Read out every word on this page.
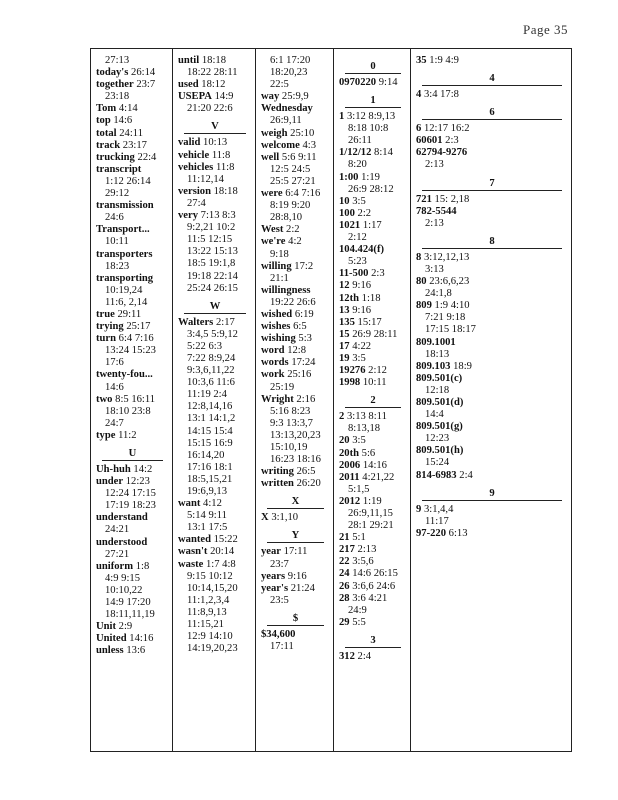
Page 35
27:13
today's 26:14
together 23:7
23:18
Tom 4:14
top 14:6
total 24:11
track 23:17
trucking 22:4
transcript
1:12 26:14
29:12
transmission
24:6
Transport...
10:11
transporters
18:23
transporting
10:19,24
11:6, 2,14
true 29:11
trying 25:17
turn 6:4 7:16
13:24 15:23
17:6
twenty-fou...
14:6
two 8:5 16:11
18:10 23:8
24:7
type 11:2
U
Uh-huh 14:2
under 12:23
12:24 17:15
17:19 18:23
understand
24:21
understood
27:21
uniform 1:8
4:9 9:15
10:10,22
14:9 17:20
18:11,11,19
Unit 2:9
United 14:16
unless 13:6
until 18:18
18:22 28:11
used 18:12
USEPA 14:9
21:20 22:6
V
valid 10:13
vehicle 11:8
vehicles 11:8
11:12,14
version 18:18
27:4
very 7:13 8:3
9:2,21 10:2
11:5 12:15
13:22 15:13
18:5 19:1,8
19:18 22:14
25:24 26:15
W
Walters 2:17
3:4,5 5:9,12
5:22 6:3
7:22 8:9,24
9:3,6,11,22
10:3,6 11:6
11:19 2:4
12:8,14,16
13:1 14:1,2
14:15 15:4
15:15 16:9
16:14,20
17:16 18:1
18:5,15,21
19:6,9,13
want 4:12
5:14 9:11
13:1 17:5
wanted 15:22
wasn't 20:14
waste 1:7 4:8
9:15 10:12
10:14,15,20
11:1,2,3,4
11:8,9,13
11:15,21
12:9 14:10
14:19,20,23
6:1 17:20
18:20,23
22:5
way 25:9,9
Wednesday
26:9,11
weigh 25:10
welcome 4:3
well 5:6 9:11
12:5 24:5
25:5 27:21
were 6:4 7:16
8:19 9:20
28:8,10
West 2:2
we're 4:2
9:18
willing 17:2
21:1
willingness
19:22 26:6
wished 6:19
wishes 6:5
wishing 5:3
word 12:8
words 17:24
work 25:16
25:19
Wright 2:16
5:16 8:23
9:3 13:3,7
13:13,20,23
15:10,19
16:23 18:16
writing 26:5
written 26:20
X
X 3:1,10
Y
year 17:11
23:7
years 9:16
year's 21:24
23:5
$
$34,600
17:11
0
0970220 9:14
1
1 3:12 8:9,13
8:18 10:8
26:11
1/12/12 8:14
8:20
1:00 1:19
26:9 28:12
10 3:5
100 2:2
1021 1:17
2:12
104.424(f)
5:23
11-500 2:3
12 9:16
12th 1:18
13 9:16
135 15:17
15 26:9 28:11
17 4:22
19 3:5
19276 2:12
1998 10:11
2
2 3:13 8:11
8:13,18
20 3:5
20th 5:6
2006 14:16
2011 4:21,22
5:1,5
2012 1:19
26:9,11,15
28:1 29:21
21 5:1
217 2:13
22 3:5,6
24 14:6 26:15
26 3:6,6 24:6
28 3:6 4:21
24:9
29 5:5
3
312 2:4
35 1:9 4:9
4
4 3:4 17:8
6
6 12:17 16:2
60601 2:3
62794-9276
2:13
7
721 15: 2,18
782-5544
2:13
8
8 3:12,12,13
3:13
80 23:6,6,23
24:1,8
809 1:9 4:10
7:21 9:18
17:15 18:17
809.1001
18:13
809.103 18:9
809.501(c)
12:18
809.501(d)
14:4
809.501(g)
12:23
809.501(h)
15:24
814-6983 2:4
9
9 3:1,4,4
11:17
97-220 6:13
